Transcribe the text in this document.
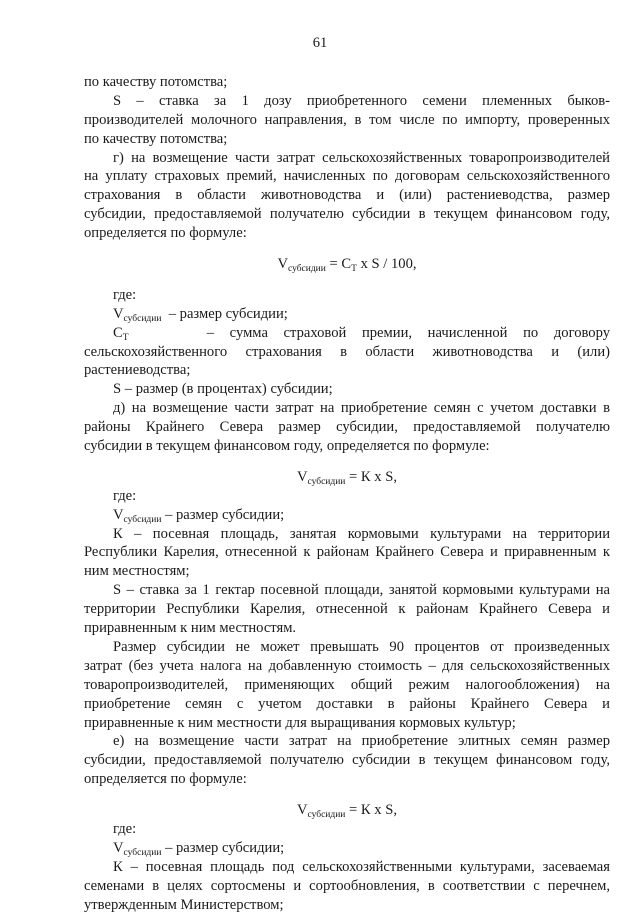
61
по качеству потомства;
S – ставка за 1 дозу приобретенного семени племенных быков-
производителей молочного направления, в том числе по импорту, проверенных
по качеству потомства;
г) на возмещение части затрат сельскохозяйственных товаропроизводителей
на уплату страховых премий, начисленных по договорам сельскохозяйственного
страхования в области животноводства и (или) растениеводства, размер
субсидии, предоставляемой получателю субсидии в текущем финансовом году,
определяется по формуле:
$V_{субсидии} = C_T$ x S / 100,
где:
$V_{субсидии}$ – размер субсидии;
$С_Т$	– сумма страховой премии, начисленной по договору
сельскохозяйственного страхования в области животноводства и (или)
растениеводства;
S – размер (в процентах) субсидии;
д) на возмещение части затрат на приобретение семян с учетом доставки в
районы Крайнего Севера размер субсидии, предоставляемой получателю
субсидии в текущем финансовом году, определяется по формуле:
$V_{субсидии} = К$ x S,
где:
$V_{субсидии}$ – размер субсидии;
К – посевная площадь, занятая кормовыми культурами на территории
Республики Карелия, отнесенной к районам Крайнего Севера и приравненным к
ним местностям;
S – ставка за 1 гектар посевной площади, занятой кормовыми культурами на
территории Республики Карелия, отнесенной к районам Крайнего Севера и
приравненным к ним местностям.
Размер субсидии не может превышать 90 процентов от произведенных
затрат (без учета налога на добавленную стоимость – для сельскохозяйственных
товаропроизводителей, применяющих общий режим налогообложения) на
приобретение семян с учетом доставки в районы Крайнего Севера и
приравненные к ним местности для выращивания кормовых культур;
е) на возмещение части затрат на приобретение элитных семян размер
субсидии, предоставляемой получателю субсидии в текущем финансовом году,
определяется по формуле:
$V_{субсидии} = К$ x S,
где:
$V_{субсидии}$ – размер субсидии;
К – посевная площадь под сельскохозяйственными культурами, засеваемая
семенами в целях сортосмены и сортообновления, в соответствии с перечнем,
утвержденным Министерством;
